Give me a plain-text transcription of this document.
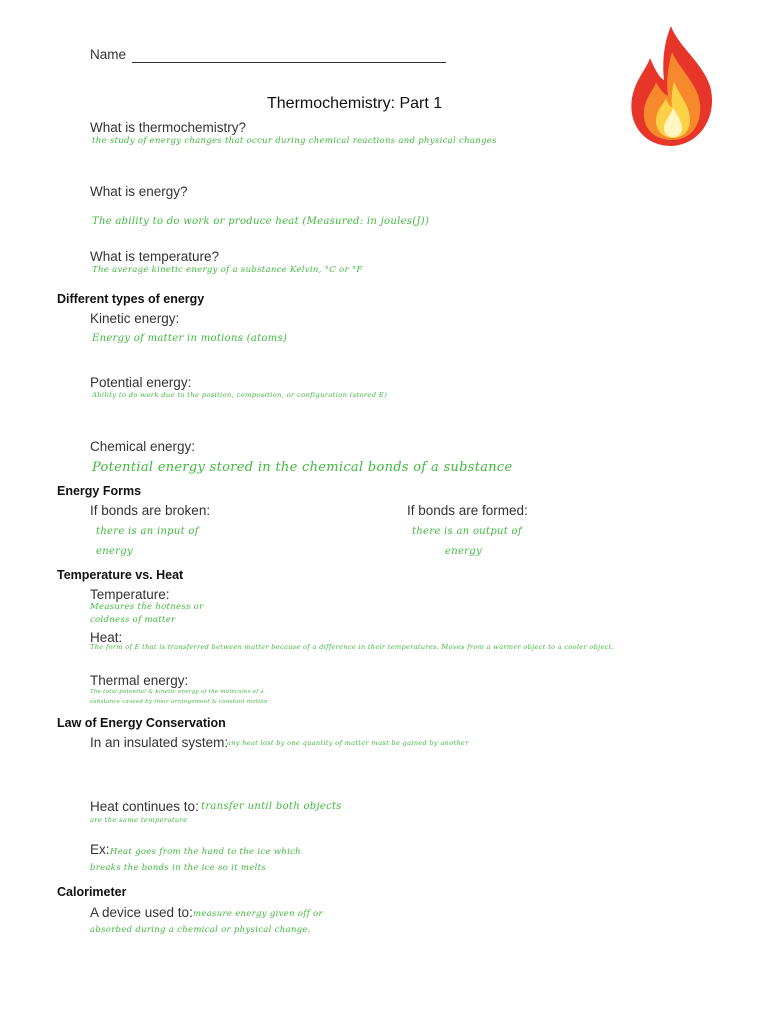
Name
Thermochemistry: Part 1
What is thermochemistry?
the study of energy changes that occur during chemical reactions and physical changes
What is energy?
The ability to do work or produce heat (Measured: in joules(J))
What is temperature?
The average kinetic energy of a substance Kelvin, °C or °F
Different types of energy
Kinetic energy:
Energy of matter in motions (atoms)
Potential energy:
Ability to do work due to the position, composition, or configuration (stored E)
Chemical energy:
Potential energy stored in the chemical bonds of a substance
Energy Forms
If bonds are broken:
there is an input of
energy
If bonds are formed:
there is an output of
energy
Temperature vs. Heat
Temperature:
Measures the hotness or
coldness of matter
Heat:
The form of E that is transferred between matter because of a difference in their temperatures. Moves from a warmer object to a cooler object.
Thermal energy:
The total potential & kinetic energy of the molecules of a
substance caused by their arrangement & constant motion
Law of Energy Conservation
In an insulated system:
any heat lost by one quantity of matter must be gained by another
Heat continues to: transfer until both objects
are the same temperature
Ex: Heat goes from the hand to the ice which
breaks the bonds in the ice so it melts
Calorimeter
A device used to: measure energy given off or
absorbed during a chemical or physical change.
